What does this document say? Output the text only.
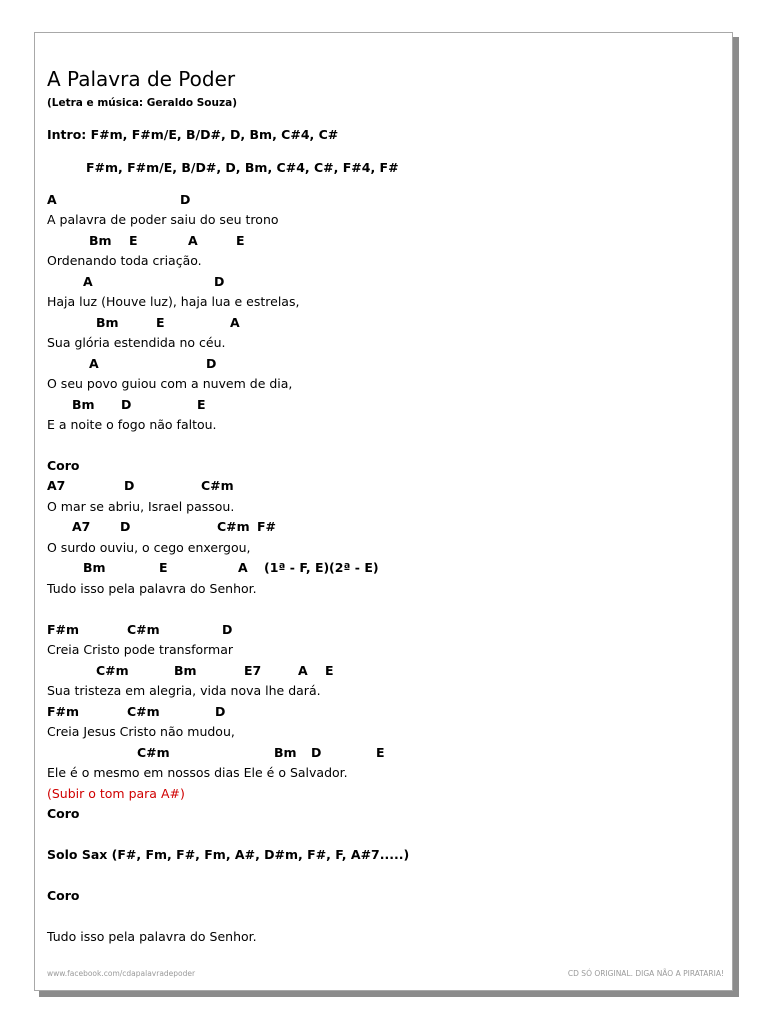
A Palavra de Poder
(Letra e música: Geraldo Souza)
Intro: F#m, F#m/E, B/D#, D, Bm, C#4, C#
F#m, F#m/E, B/D#, D, Bm, C#4, C#, F#4, F#
A	D
A palavra de poder saiu do seu trono
Bm E	A	E
Ordenando toda criação.
A	D
Haja luz (Houve luz), haja lua e estrelas,
Bm	E	A
Sua glória estendida no céu.
A	D
O seu povo guiou com a nuvem de dia,
Bm D	E
E a noite o fogo não faltou.
Coro
A7	D	C#m
O mar se abriu, Israel passou.
A7 D	C#m F#
O surdo ouviu, o cego enxergou,
Bm	E	A (1ª - F, E) (2ª - E)
Tudo isso pela palavra do Senhor.
F#m	C#m	D
Creia Cristo pode transformar
C#m	Bm	E7	A E
Sua tristeza em alegria, vida nova lhe dará.
F#m	C#m	D
Creia Jesus Cristo não mudou,
C#m	Bm D	E
Ele é o mesmo em nossos dias Ele é o Salvador.
(Subir o tom para A#)
Coro
Solo Sax (F#, Fm, F#, Fm, A#, D#m, F#, F, A#7.....)
Coro
Tudo isso pela palavra do Senhor.
www.facebook.com/cdapalavradepoder	CD SÓ ORIGINAL. DIGA NÃO A PIRATARIA!
